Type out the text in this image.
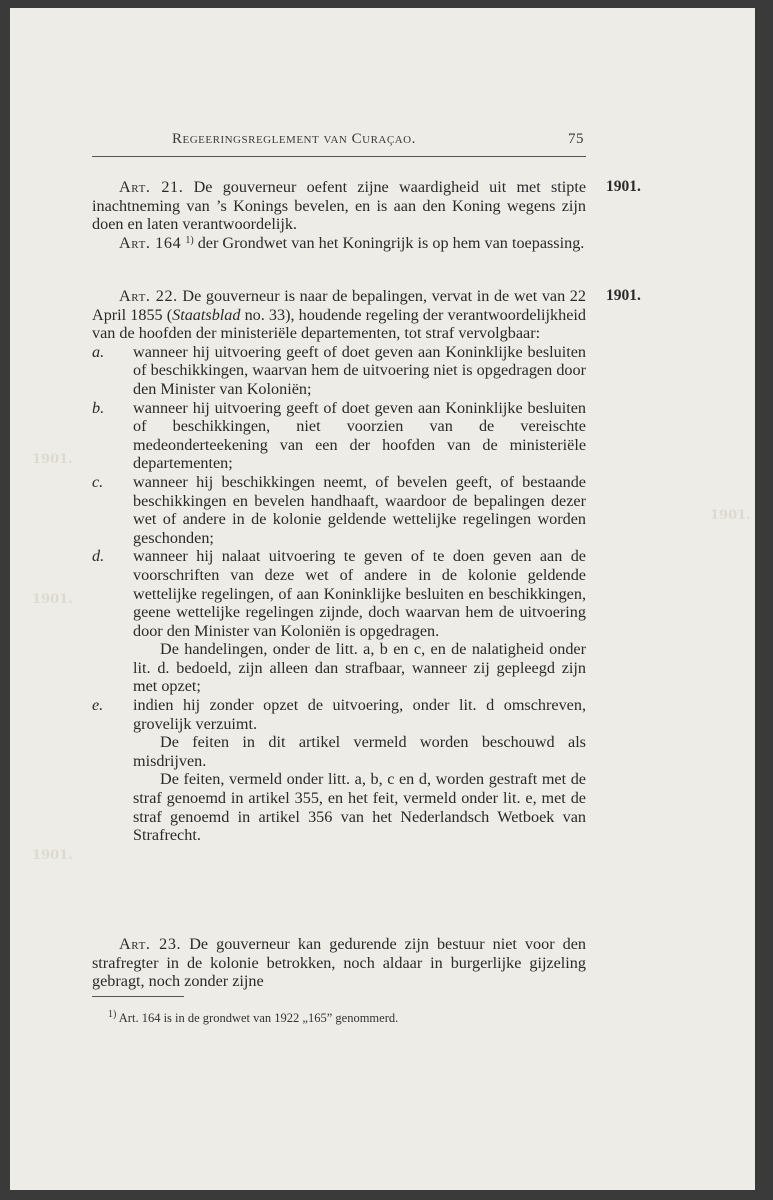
1901.
1901.
1901.
1901.
Regeeringsreglement van Curaçao.	75
1901.
1901.

Art. 21. De gouverneur oefent zijne waardigheid uit met stipte inachtneming van ’s Konings bevelen, en is aan den Koning wegens zijn doen en laten verantwoordelijk.

Art. 164 $^{1)}$ der Grondwet van het Koningrijk is op hem van toepassing.

Art. 22. De gouverneur is naar de bepalingen, vervat in de wet van 22 April 1855 (Staatsblad no. 33), houdende regeling der verantwoordelijkheid van de hoofden der ministeriële departementen, tot straf vervolgbaar:

a. wanneer hij uitvoering geeft of doet geven aan Koninklijke besluiten of beschikkingen, waarvan hem de uitvoering niet is opgedragen door den Minister van Koloniën;

b. wanneer hij uitvoering geeft of doet geven aan Koninklijke besluiten of beschikkingen, niet voorzien van de vereischte medeonderteekening van een der hoofden van de ministeriële departementen;

c. wanneer hij beschikkingen neemt, of bevelen geeft, of bestaande beschikkingen en bevelen handhaaft, waardoor de bepalingen dezer wet of andere in de kolonie geldende wettelijke regelingen worden geschonden;

d. wanneer hij nalaat uitvoering te geven of te doen geven aan de voorschriften van deze wet of andere in de kolonie geldende wettelijke regelingen, of aan Koninklijke besluiten en beschikkingen, geene wettelijke regelingen zijnde, doch waarvan hem de uitvoering door den Minister van Koloniën is opgedragen.

De handelingen, onder de litt. a, b en c, en de nalatigheid onder lit. d. bedoeld, zijn alleen dan strafbaar, wanneer zij gepleegd zijn met opzet;

e. indien hij zonder opzet de uitvoering, onder lit. d omschreven, grovelijk verzuimt.

De feiten in dit artikel vermeld worden beschouwd als misdrijven.

De feiten, vermeld onder litt. a, b, c en d, worden gestraft met de straf genoemd in artikel 355, en het feit, vermeld onder lit. e, met de straf genoemd in artikel 356 van het Nederlandsch Wetboek van Strafrecht.

Art. 23. De gouverneur kan gedurende zijn bestuur niet voor den strafregter in de kolonie betrokken, noch aldaar in burgerlijke gijzeling gebragt, noch zonder zijne

$^{1)}$ Art. 164 is in de grondwet van 1922 „165” genommerd.
